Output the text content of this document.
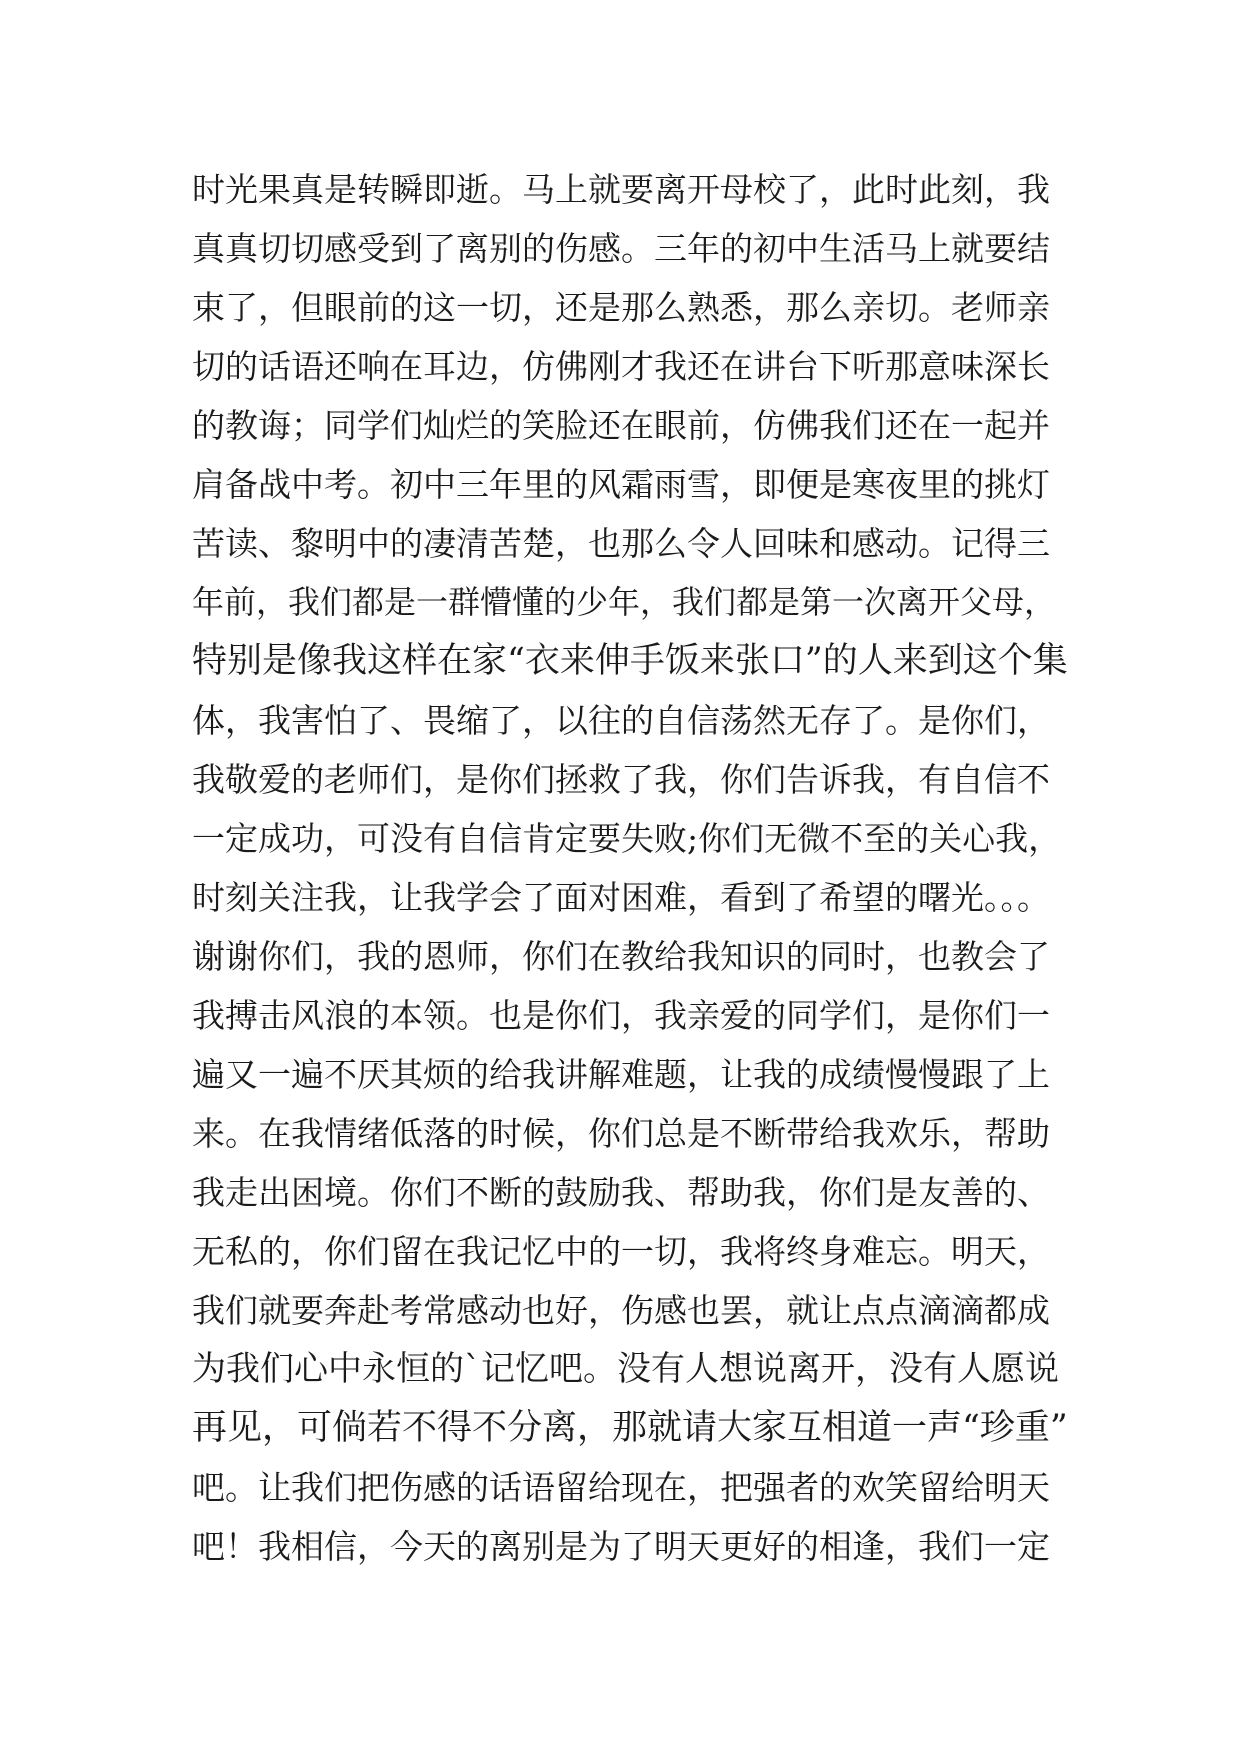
时光果真是转瞬即逝。马上就要离开母校了，此时此刻，我
真真切切感受到了离别的伤感。三年的初中生活马上就要结
束了，但眼前的这一切，还是那么熟悉，那么亲切。老师亲
切的话语还响在耳边，仿佛刚才我还在讲台下听那意味深长
的教诲；同学们灿烂的笑脸还在眼前，仿佛我们还在一起并
肩备战中考。初中三年里的风霜雨雪，即便是寒夜里的挑灯
苦读、黎明中的凄清苦楚，也那么令人回味和感动。记得三
年前，我们都是一群懵懂的少年，我们都是第一次离开父母，
特别是像我这样在家“衣来伸手饭来张口”的人来到这个集
体，我害怕了、畏缩了，以往的自信荡然无存了。是你们，
我敬爱的老师们，是你们拯救了我，你们告诉我，有自信不
一定成功，可没有自信肯定要失败;你们无微不至的关心我，
时刻关注我，让我学会了面对困难，看到了希望的曙光。。。
谢谢你们，我的恩师，你们在教给我知识的同时，也教会了
我搏击风浪的本领。也是你们，我亲爱的同学们，是你们一
遍又一遍不厌其烦的给我讲解难题，让我的成绩慢慢跟了上
来。在我情绪低落的时候，你们总是不断带给我欢乐，帮助
我走出困境。你们不断的鼓励我、帮助我，你们是友善的、
无私的，你们留在我记忆中的一切，我将终身难忘。明天，
我们就要奔赴考常感动也好，伤感也罢，就让点点滴滴都成
为我们心中永恒的`记忆吧。没有人想说离开，没有人愿说
再见，可倘若不得不分离，那就请大家互相道一声“珍重”
吧。让我们把伤感的话语留给现在，把强者的欢笑留给明天
吧！我相信，今天的离别是为了明天更好的相逢，我们一定
